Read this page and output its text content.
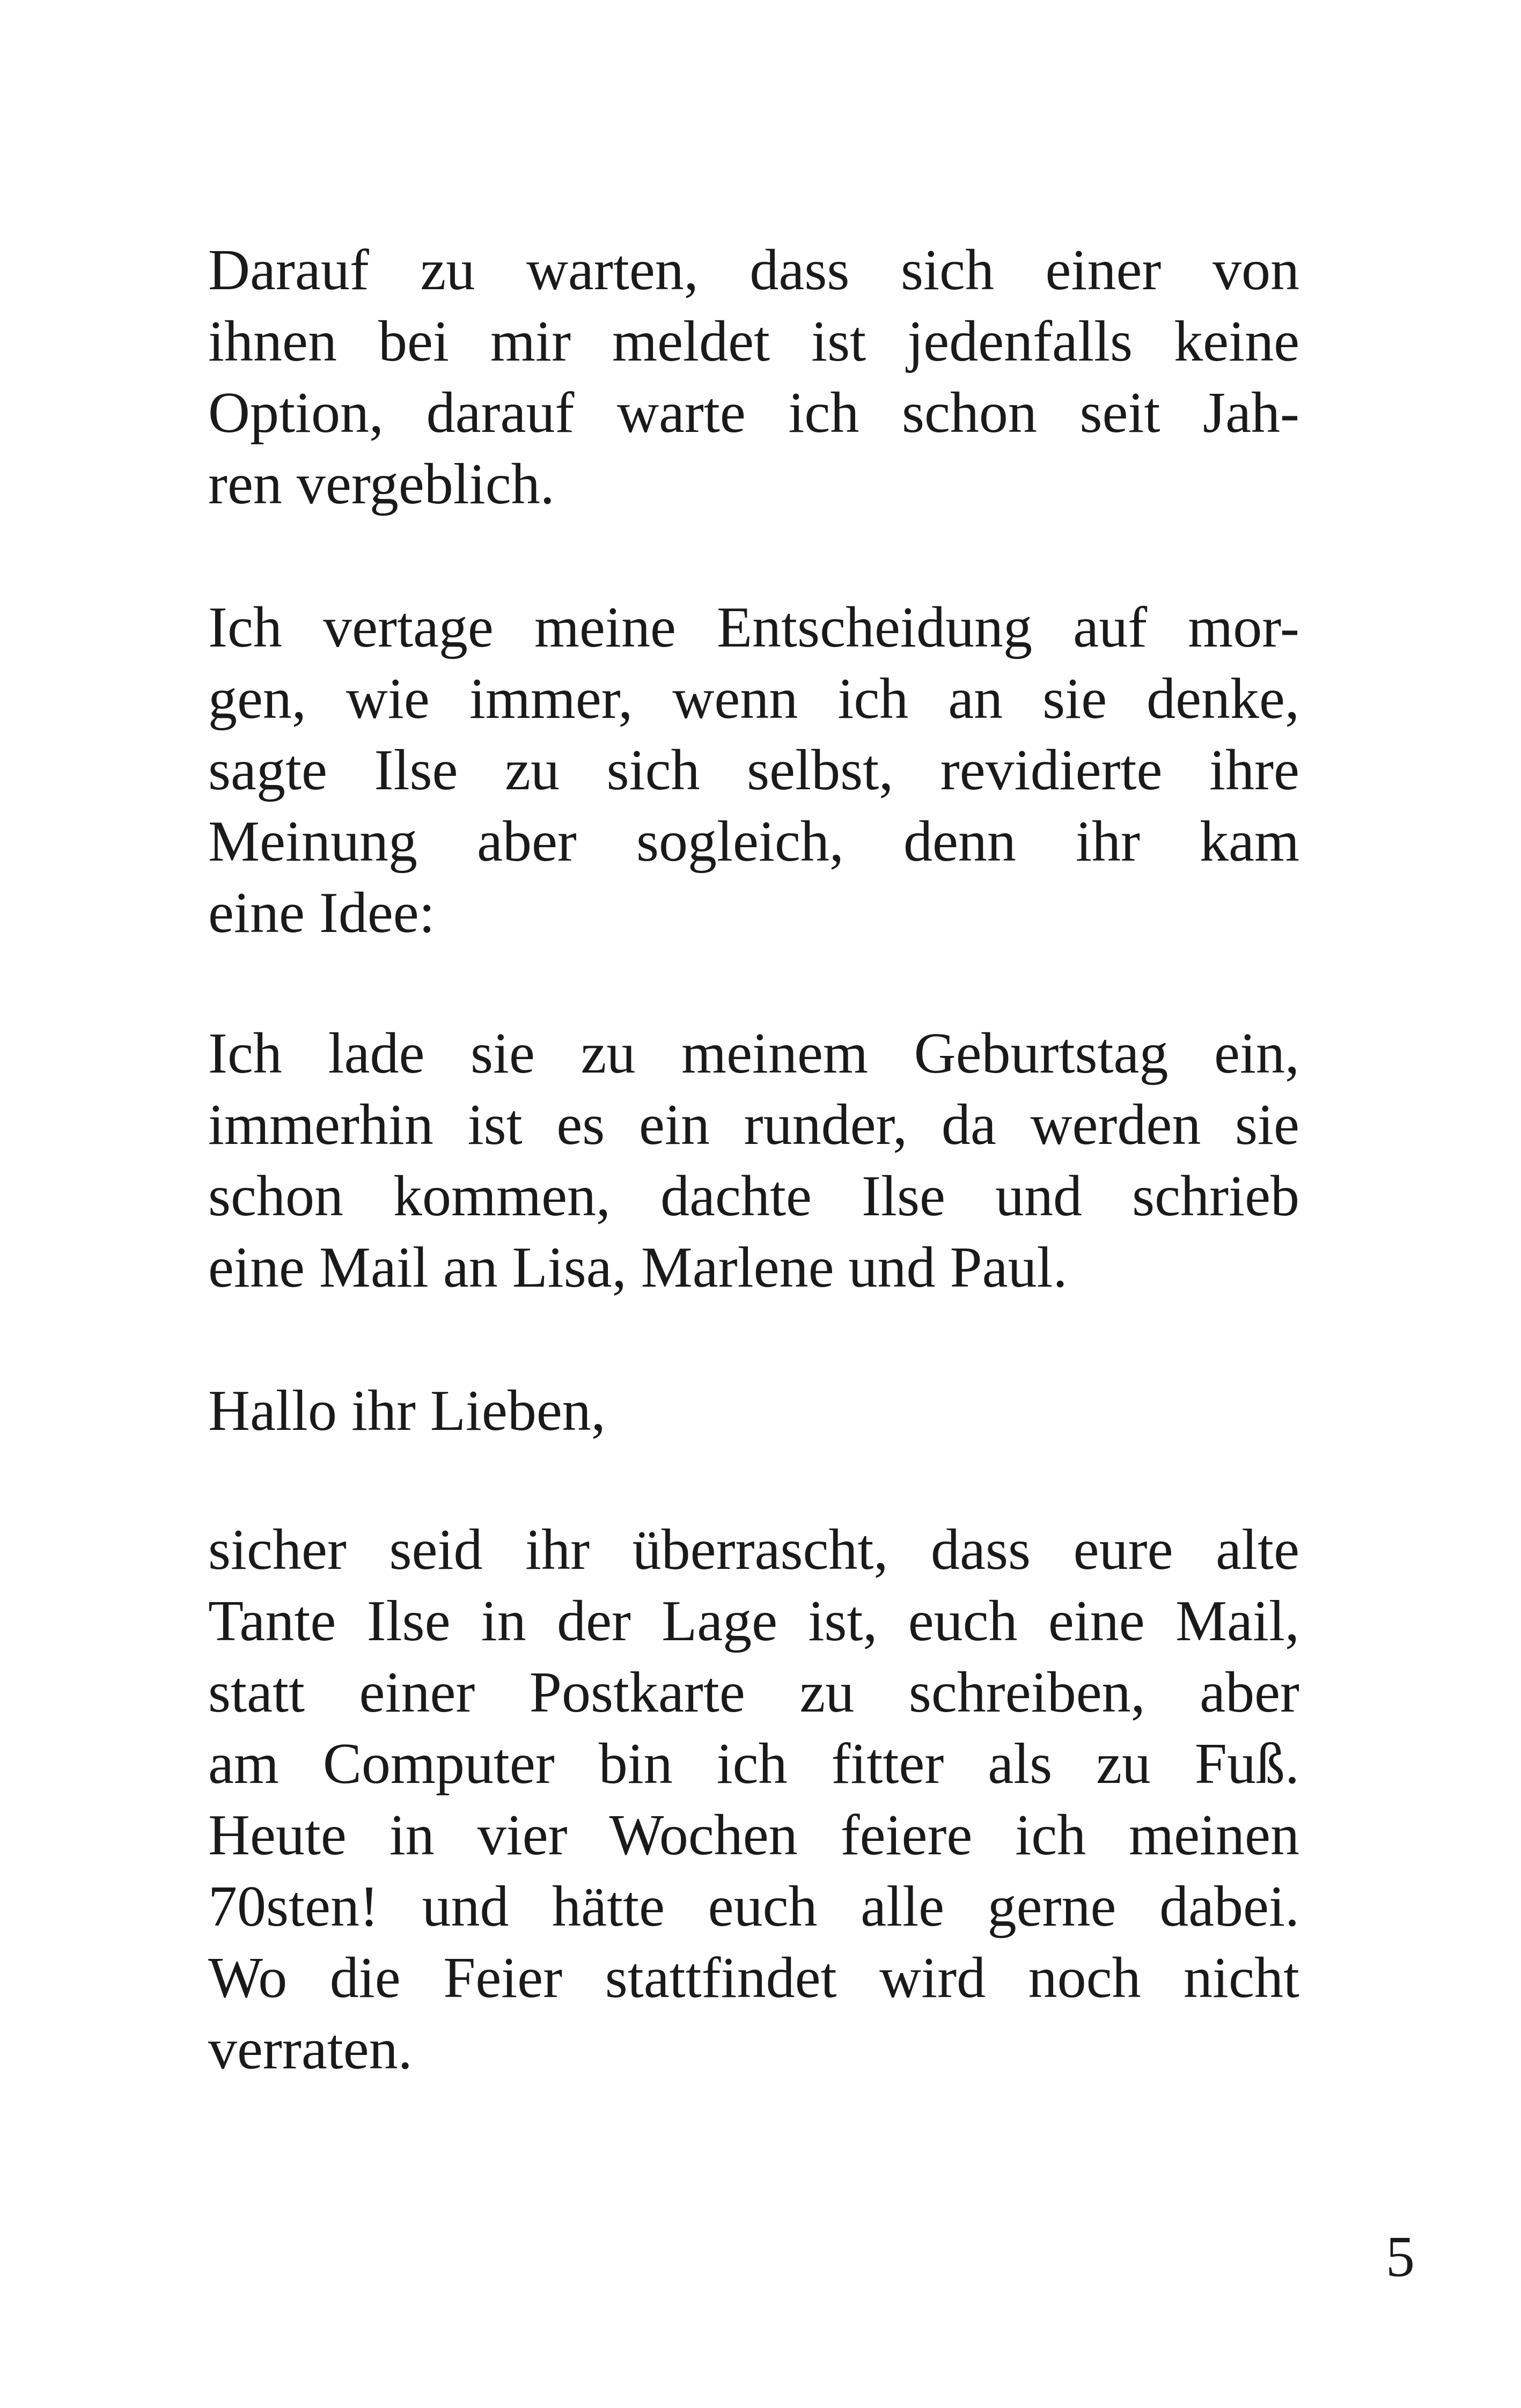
Darauf zu warten, dass sich einer von
ihnen bei mir meldet ist jedenfalls keine
Option, darauf warte ich schon seit Jah-
ren vergeblich.
Ich vertage meine Entscheidung auf mor-
gen, wie immer, wenn ich an sie denke,
sagte Ilse zu sich selbst, revidierte ihre
Meinung aber sogleich, denn ihr kam
eine Idee:
Ich lade sie zu meinem Geburtstag ein,
immerhin ist es ein runder, da werden sie
schon kommen, dachte Ilse und schrieb
eine Mail an Lisa, Marlene und Paul.
Hallo ihr Lieben,
sicher seid ihr überrascht, dass eure alte
Tante Ilse in der Lage ist, euch eine Mail,
statt einer Postkarte zu schreiben, aber
am Computer bin ich fitter als zu Fuß.
Heute in vier Wochen feiere ich meinen
70sten! und hätte euch alle gerne dabei.
Wo die Feier stattfindet wird noch nicht
verraten.
5
